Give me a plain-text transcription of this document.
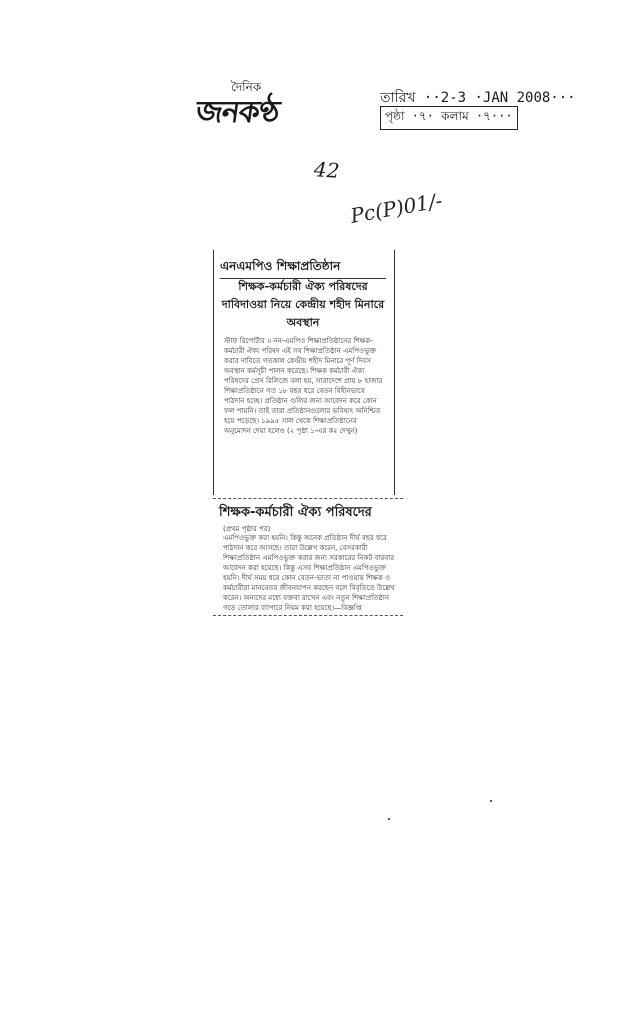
দৈনিক
জনকণ্ঠ	তারিখ ··2-3 ·JAN 2008···
পৃষ্ঠা ·৭· কলাম ·৭···
42
Pc(P)01/-
এনএমপিও শিক্ষাপ্রতিষ্ঠান
শিক্ষক-কর্মচারী ঐক্য পরিষদের দাবিদাওয়া নিয়ে কেন্দ্রীয় শহীদ মিনারে অবস্থান
স্টাফ রিপোর্টার ॥ নন-এমপিও শিক্ষাপ্রতিষ্ঠানের শিক্ষক-কর্মচারী ঐক্য পরিষদ এই সব শিক্ষাপ্রতিষ্ঠান এমপিওভুক্ত করার দাবিতে গতকাল কেন্দ্রীয় শহীদ মিনারে পূর্ণ দিবস অবস্থান কর্মসূচী পালন করেছে। শিক্ষক কর্মচারী ঐক্য পরিষদের প্রেস রিলিজে বলা হয়, সারাদেশে প্রায় ৮ হাজার শিক্ষাপ্রতিষ্ঠানে গত ১৮ বছর ধরে বেতন বিহীনভাবে পাঠদান হচ্ছে। প্রতিষ্ঠান গুলির জন্য আবেদন করে কোন ফল পায়নি। তাই তারা প্রতিষ্ঠানগুলোর ভবিষ্যৎ অনিশ্চিত হয়ে পড়েছে। ১৯৯৫ সাল থেকে শিক্ষাপ্রতিষ্ঠানের অনুমোদন দেয়া হলেও (২ পৃষ্ঠা ১-এর কঃ দেখুন)
শিক্ষক-কর্মচারী ঐক্য পরিষদের
(প্রথম পৃষ্ঠার পর)
এমপিওভুক্ত করা হয়নি। কিন্তু অনেক প্রতিষ্ঠান দীর্ঘ বছর ধরে পাঠদান করে আসছে। তারা উল্লেখ করেন, বেসরকারী শিক্ষাপ্রতিষ্ঠান এমপিওভুক্ত করার জন্য সরকারের নিকট বারবার আবেদন করা হয়েছে। কিন্তু এসব শিক্ষাপ্রতিষ্ঠান এমপিওভুক্ত হয়নি। দীর্ঘ সময় ধরে কোন বেতন-ভাতা না পাওয়ায় শিক্ষক ও কর্মচারীরা মানবেতর জীবনযাপন করছেন বলে বিবৃতিতে উল্লেখ করেন। অন্যদের মধ্যে বক্তব্য রাখেন এবং নতুন শিক্ষাপ্রতিষ্ঠান গড়ে তোলার ব্যাপারে নিয়ম করা হয়েছে।—বিজ্ঞপ্তি
